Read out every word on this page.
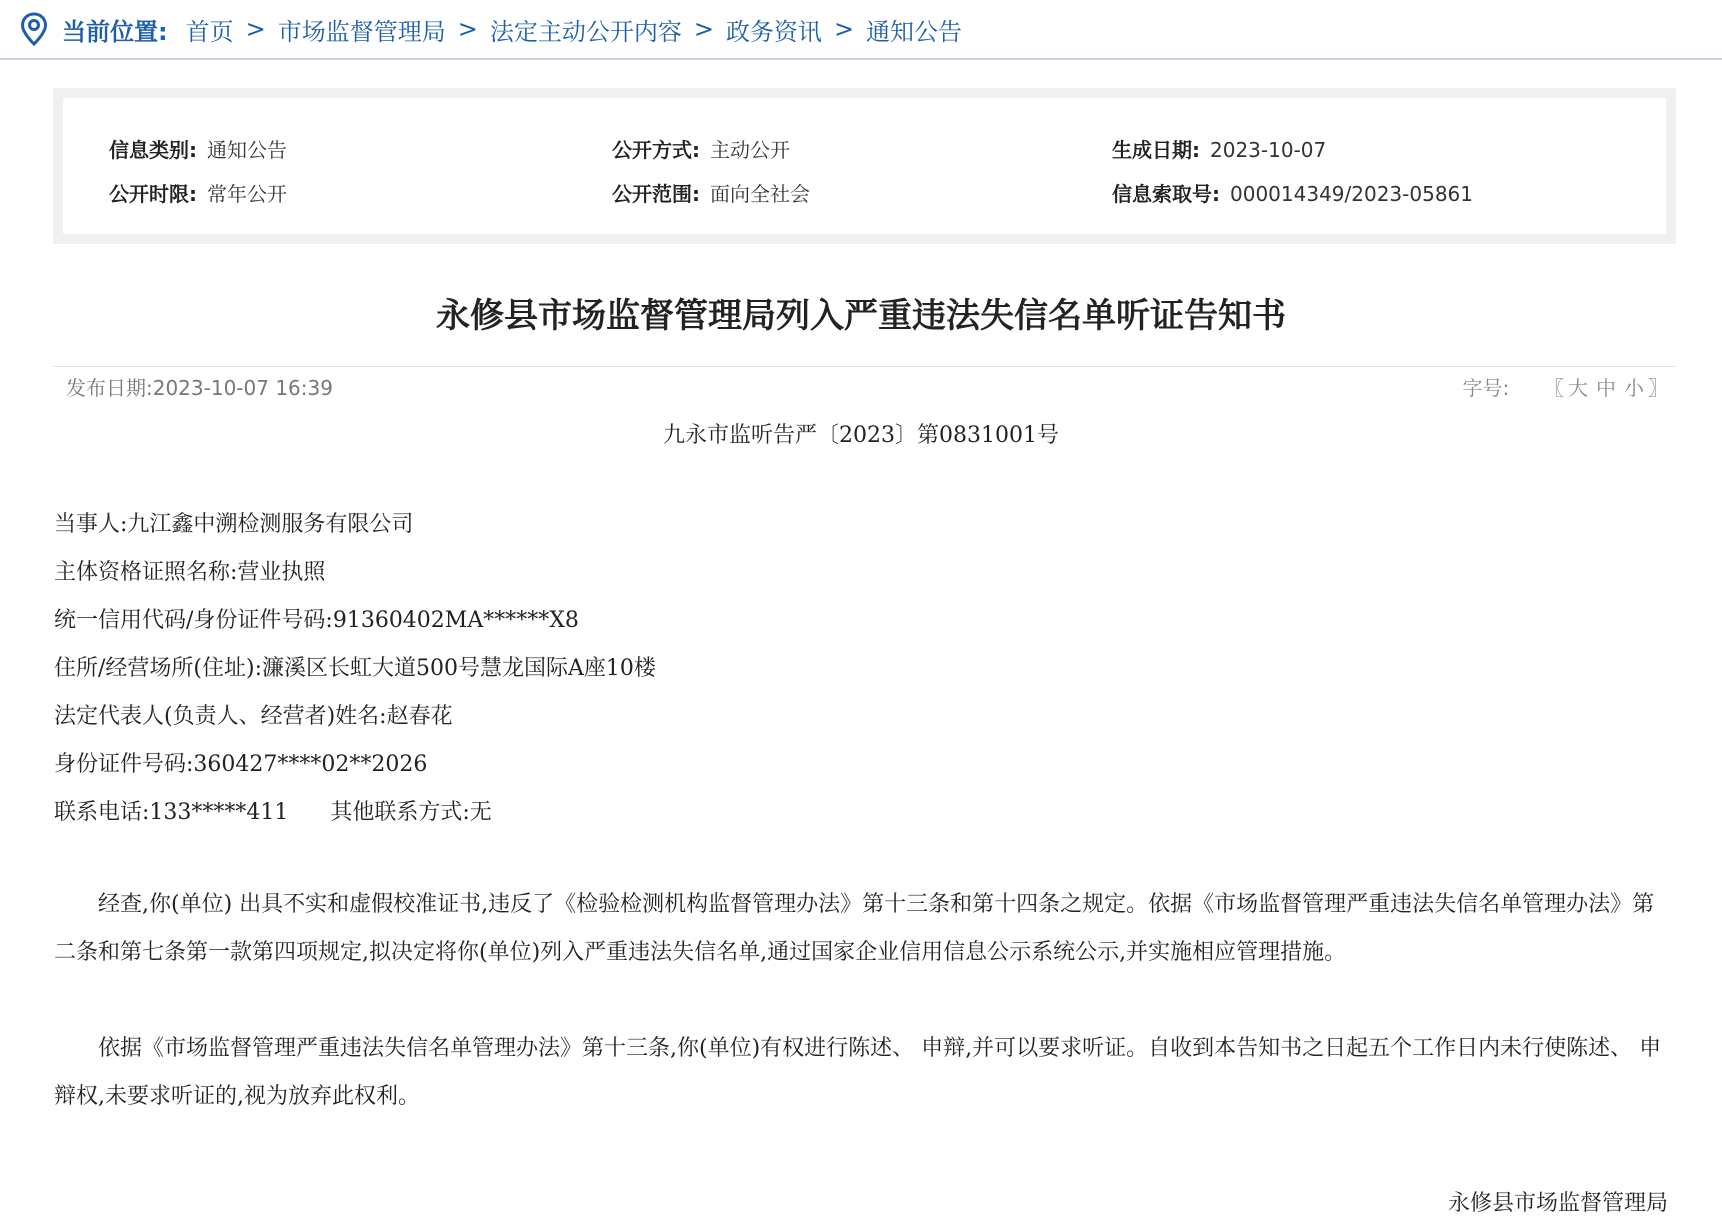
当前位置: 首页 > 市场监督管理局 > 法定主动公开内容 > 政务资讯 > 通知公告
信息类别: 通知公告	公开方式: 主动公开	生成日期: 2023-10-07
公开时限: 常年公开	公开范围: 面向全社会	信息索取号: 000014349/2023-05861
永修县市场监督管理局列入严重违法失信名单听证告知书
发布日期:2023-10-07 16:39	字号: 〖 大 中 小 〗
九永市监听告严〔2023〕第0831001号
当事人:九江鑫中溯检测服务有限公司
主体资格证照名称:营业执照
统一信用代码/身份证件号码:91360402MA******X8
住所/经营场所(住址):濂溪区长虹大道500号慧龙国际A座10楼
法定代表人(负责人、经营者)姓名:赵春花
身份证件号码:360427****02**2026
联系电话:133*****411      其他联系方式:无
经查,你(单位) 出具不实和虚假校准证书,违反了《检验检测机构监督管理办法》第十三条和第十四条之规定。依据《市场监督管理严重违法失信名单管理办法》第二条和第七条第一款第四项规定,拟决定将你(单位)列入严重违法失信名单,通过国家企业信用信息公示系统公示,并实施相应管理措施。
依据《市场监督管理严重违法失信名单管理办法》第十三条,你(单位)有权进行陈述、 申辩,并可以要求听证。自收到本告知书之日起五个工作日内未行使陈述、 申辩权,未要求听证的,视为放弃此权利。
永修县市场监督管理局
